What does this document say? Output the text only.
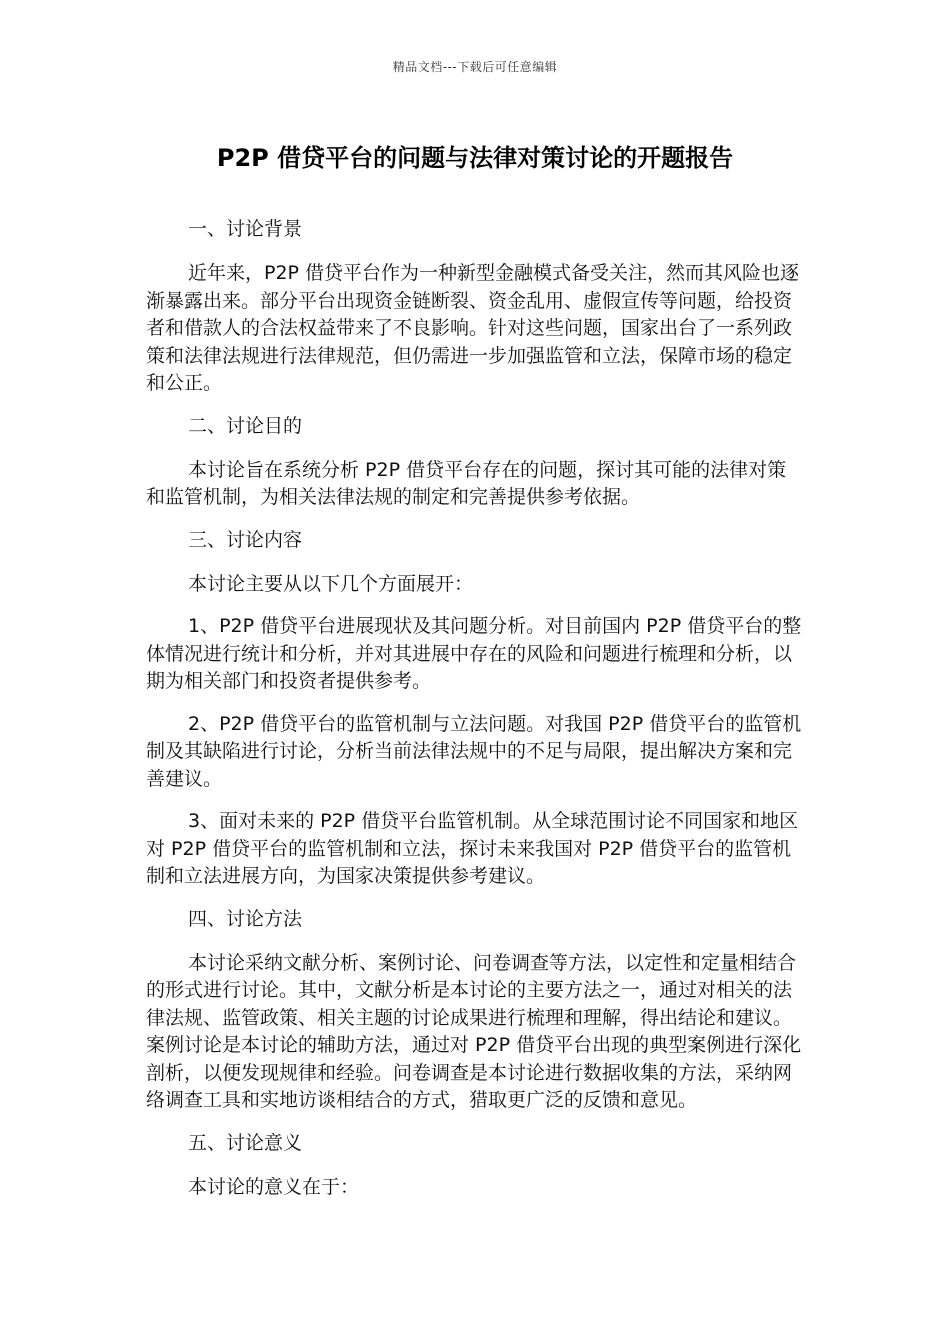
精品文档---下载后可任意编辑
P2P 借贷平台的问题与法律对策讨论的开题报告

一、讨论背景

近年来，P2P 借贷平台作为一种新型金融模式备受关注，然而其风险也逐渐暴露出来。部分平台出现资金链断裂、资金乱用、虚假宣传等问题，给投资者和借款人的合法权益带来了不良影响。针对这些问题，国家出台了一系列政策和法律法规进行法律规范，但仍需进一步加强监管和立法，保障市场的稳定和公正。

二、讨论目的

本讨论旨在系统分析 P2P 借贷平台存在的问题，探讨其可能的法律对策和监管机制，为相关法律法规的制定和完善提供参考依据。

三、讨论内容

本讨论主要从以下几个方面展开：

1、P2P 借贷平台进展现状及其问题分析。对目前国内 P2P 借贷平台的整体情况进行统计和分析，并对其进展中存在的风险和问题进行梳理和分析，以期为相关部门和投资者提供参考。

2、P2P 借贷平台的监管机制与立法问题。对我国 P2P 借贷平台的监管机制及其缺陷进行讨论，分析当前法律法规中的不足与局限，提出解决方案和完善建议。

3、面对未来的 P2P 借贷平台监管机制。从全球范围讨论不同国家和地区对 P2P 借贷平台的监管机制和立法，探讨未来我国对 P2P 借贷平台的监管机制和立法进展方向，为国家决策提供参考建议。

四、讨论方法

本讨论采纳文献分析、案例讨论、问卷调查等方法，以定性和定量相结合的形式进行讨论。其中，文献分析是本讨论的主要方法之一，通过对相关的法律法规、监管政策、相关主题的讨论成果进行梳理和理解，得出结论和建议。案例讨论是本讨论的辅助方法，通过对 P2P 借贷平台出现的典型案例进行深化剖析，以便发现规律和经验。问卷调查是本讨论进行数据收集的方法，采纳网络调查工具和实地访谈相结合的方式，猎取更广泛的反馈和意见。

五、讨论意义

本讨论的意义在于：
